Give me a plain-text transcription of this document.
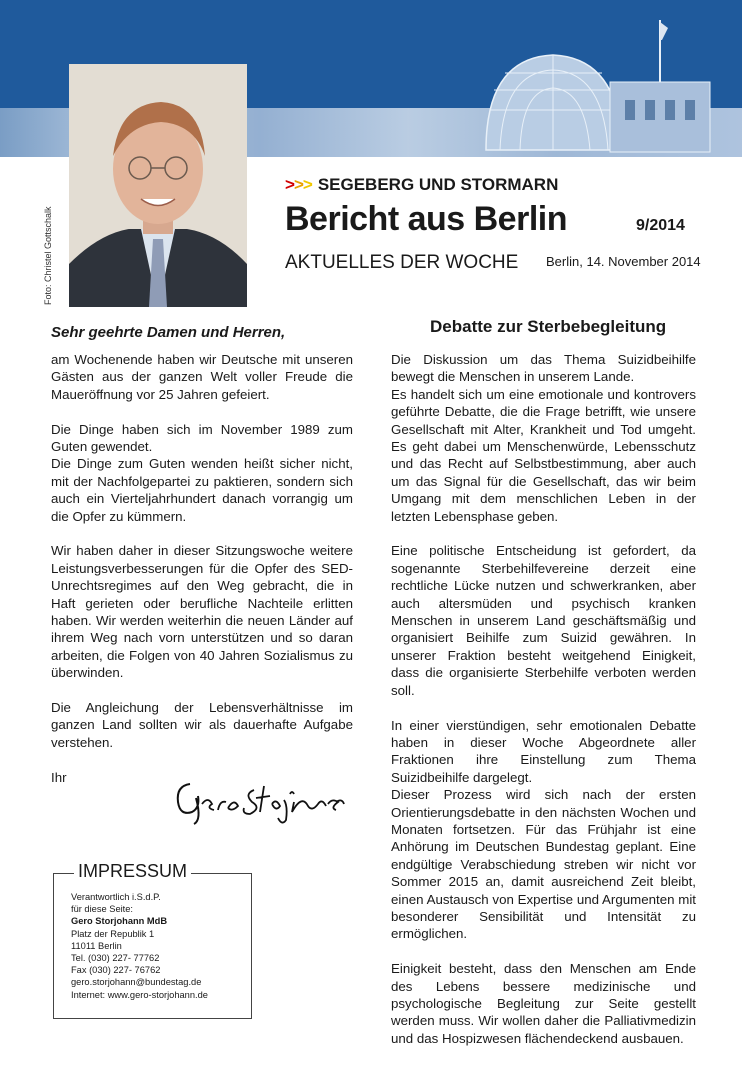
Foto: Christel Gottschalk
>>> SEGEBERG UND STORMARN
Bericht aus Berlin	9/2014
AKTUELLES DER WOCHE Berlin, 14. November 2014
Sehr geehrte Damen und Herren,

am Wochenende haben wir Deutsche mit unseren Gästen aus der ganzen Welt voller Freude die Maueröffnung vor 25 Jahren gefeiert.

Die Dinge haben sich im November 1989 zum Guten gewendet.

Die Dinge zum Guten wenden heißt sicher nicht, mit der Nachfolgepartei zu paktieren, sondern sich auch ein Vierteljahrhundert danach vorrangig um die Opfer zu kümmern.

Wir haben daher in dieser Sitzungswoche weitere Leistungsverbesserungen für die Opfer des SED-Unrechtsregimes auf den Weg gebracht, die in Haft gerieten oder berufliche Nachteile erlitten haben. Wir werden weiterhin die neuen Länder auf ihrem Weg nach vorn unterstützen und so daran arbeiten, die Folgen von 40 Jahren Sozialismus zu überwinden.

Die Angleichung der Lebensverhältnisse im ganzen Land sollten wir als dauerhafte Aufgabe verstehen.

Ihr

Debatte zur Sterbebegleitung
Die Diskussion um das Thema Suizidbeihilfe bewegt die Menschen in unserem Lande.

Es handelt sich um eine emotionale und kontrovers geführte Debatte, die die Frage betrifft, wie unsere Gesellschaft mit Alter, Krankheit und Tod umgeht. Es geht dabei um Menschenwürde, Lebensschutz und das Recht auf Selbstbestimmung, aber auch um das Signal für die Gesellschaft, das wir beim Umgang mit dem menschlichen Leben in der letzten Lebensphase geben.

Eine politische Entscheidung ist gefordert, da sogenannte Sterbehilfevereine derzeit eine rechtliche Lücke nutzen und schwerkranken, aber auch altersmüden und psychisch kranken Menschen in unserem Land geschäftsmäßig und organisiert Beihilfe zum Suizid gewähren. In unserer Fraktion besteht weitgehend Einigkeit, dass die organisierte Sterbehilfe verboten werden soll.

In einer vierstündigen, sehr emotionalen Debatte haben in dieser Woche Abgeordnete aller Fraktionen ihre Einstellung zum Thema Suizidbeihilfe dargelegt.

Dieser Prozess wird sich nach der ersten Orientierungsdebatte in den nächsten Wochen und Monaten fortsetzen. Für das Frühjahr ist eine Anhörung im Deutschen Bundestag geplant. Eine endgültige Verabschiedung streben wir nicht vor Sommer 2015 an, damit ausreichend Zeit bleibt, einen Austausch von Expertise und Argumenten mit besonderer Sensibilität und Intensität zu ermöglichen.

Einigkeit besteht, dass den Menschen am Ende des Lebens bessere medizinische und psychologische Begleitung zur Seite gestellt werden muss. Wir wollen daher die Palliativmedizin und das Hospizwesen flächendeckend ausbauen.

IMPRESSUM
Verantwortlich i.S.d.P.
für diese Seite:
Gero Storjohann MdB
Platz der Republik 1
11011 Berlin
Tel. (030) 227- 77762
Fax (030) 227- 76762
gero.storjohann@bundestag.de
Internet: www.gero-storjohann.de
